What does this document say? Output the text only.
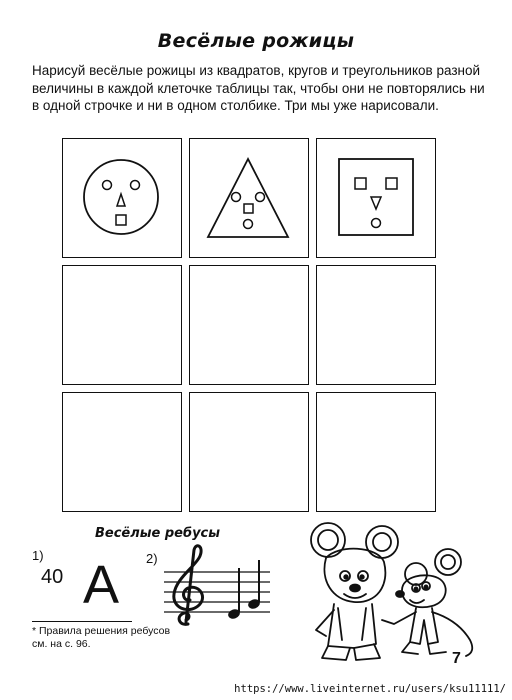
Весёлые рожицы
Нарисуй весёлые рожицы из квадратов, кругов и треугольников разной величины в каждой клеточке таблицы так, чтобы они не повторялись ни в одной строчке и ни в одном столбике. Три мы уже нарисовали.
Весёлые ребусы
1)
40 А 2)
* Правила решения ребусов см. на с. 96.
7
https://www.liveinternet.ru/users/ksu11111/
